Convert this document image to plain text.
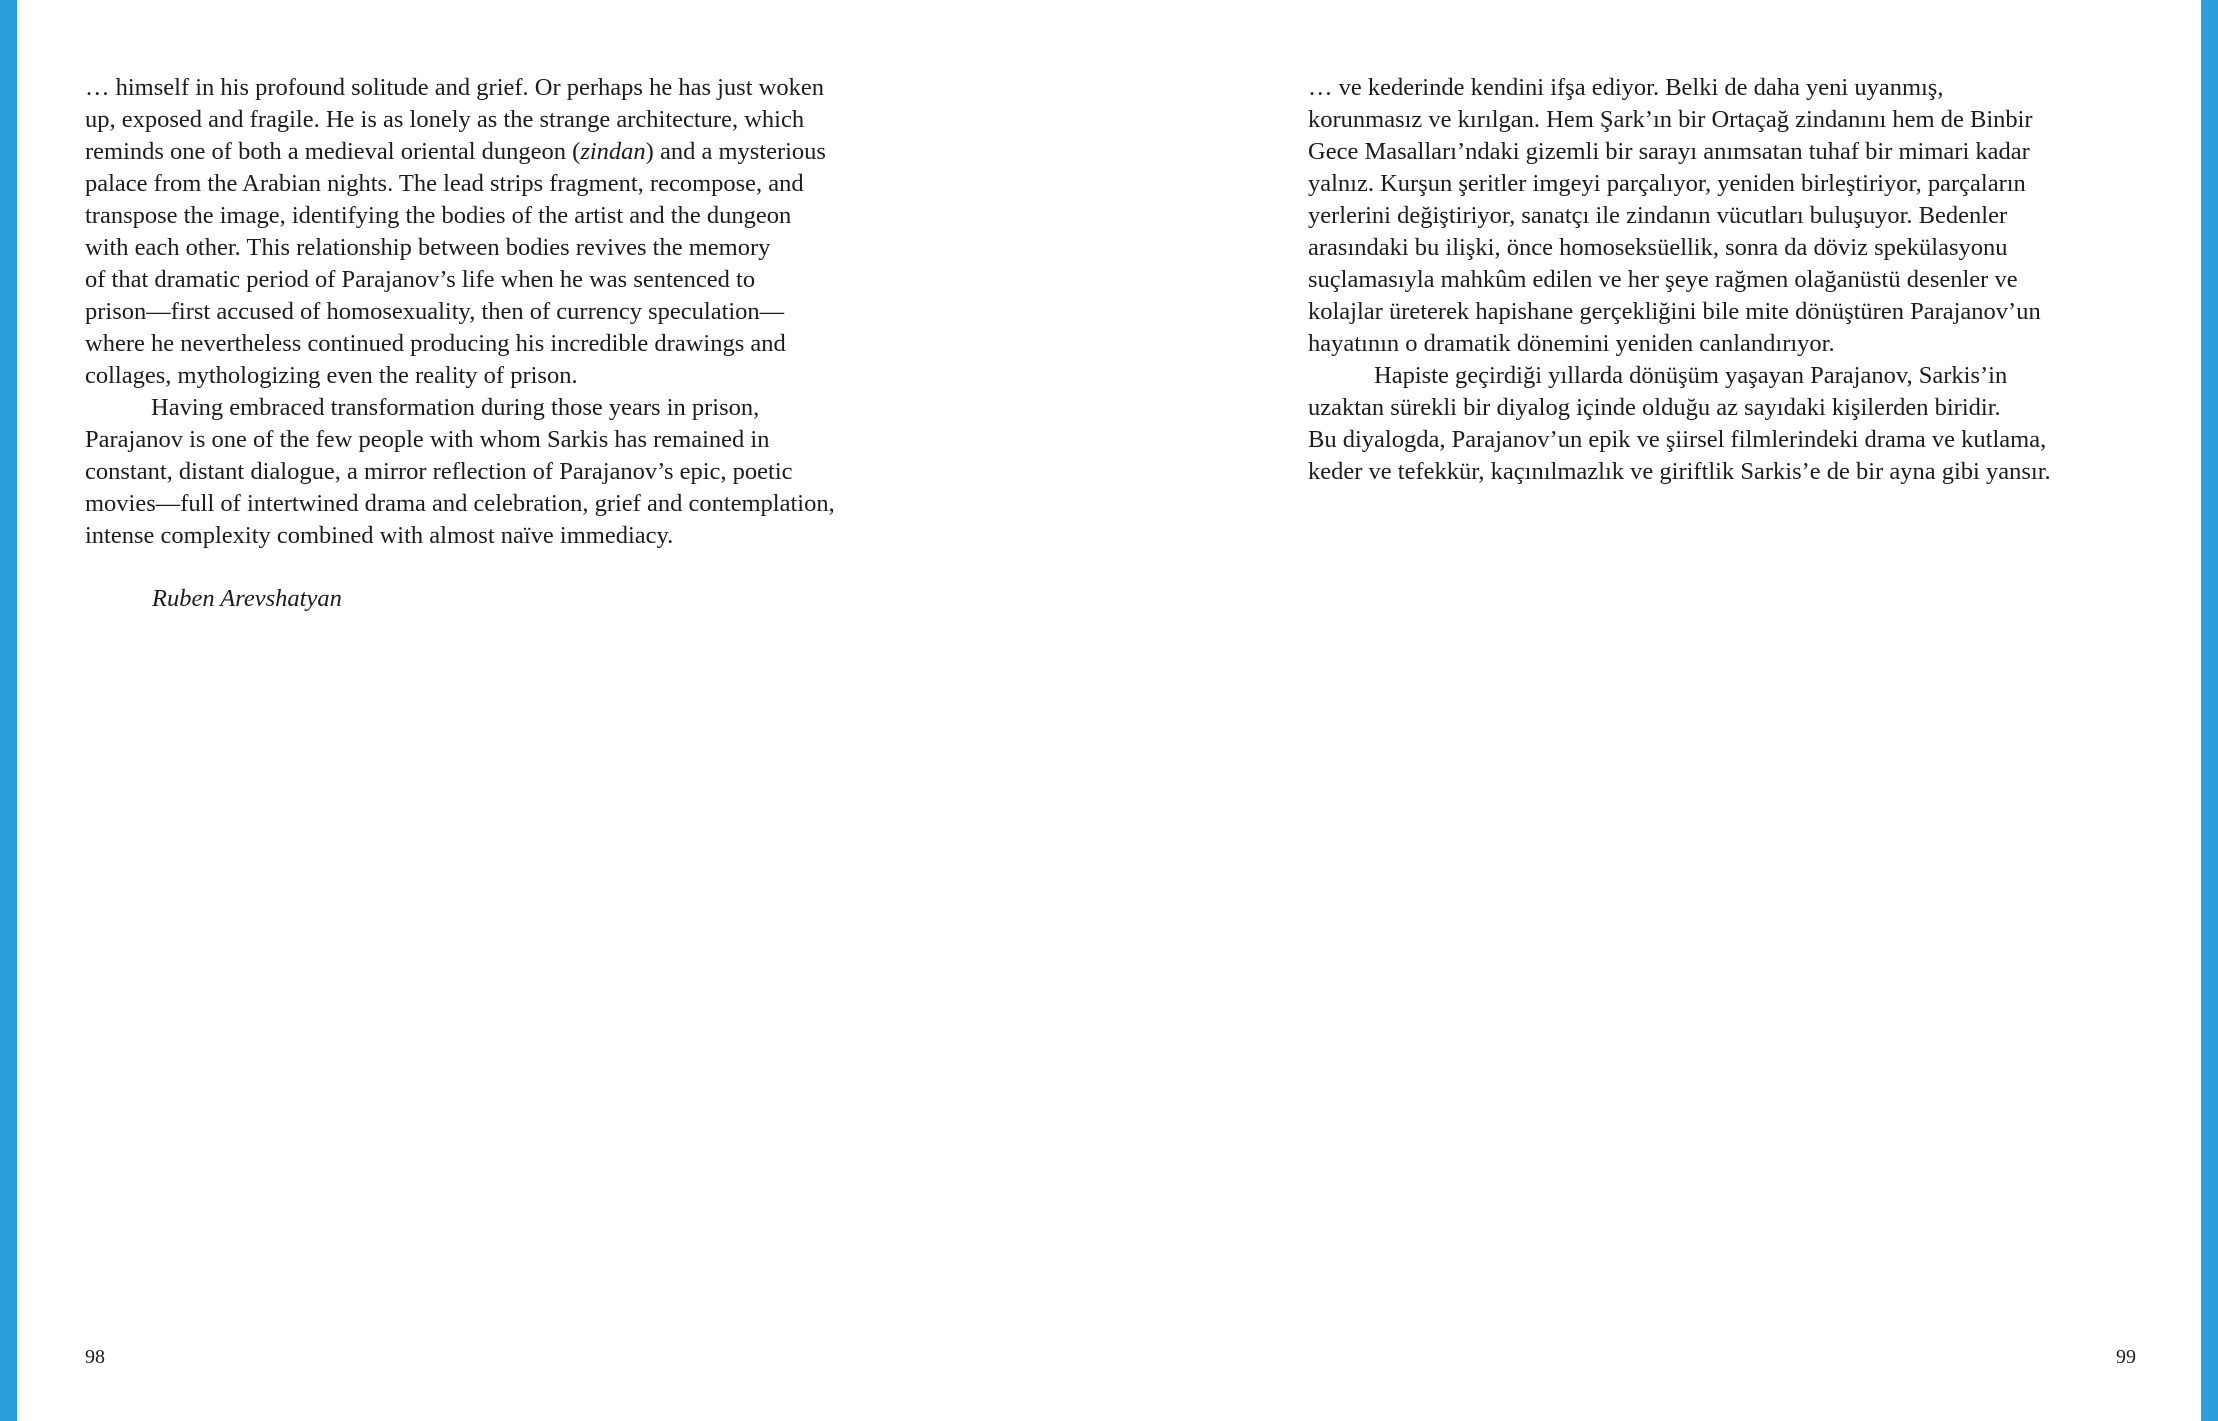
… himself in his profound solitude and grief. Or perhaps he has just woken
up, exposed and fragile. He is as lonely as the strange architecture, which
reminds one of both a medieval oriental dungeon (zindan) and a mysterious
palace from the Arabian nights. The lead strips fragment, recompose, and
transpose the image, identifying the bodies of the artist and the dungeon
with each other. This relationship between bodies revives the memory
of that dramatic period of Parajanov’s life when he was sentenced to
prison—first accused of homosexuality, then of currency speculation—
where he nevertheless continued producing his incredible drawings and
collages, mythologizing even the reality of prison.
Having embraced transformation during those years in prison,
Parajanov is one of the few people with whom Sarkis has remained in
constant, distant dialogue, a mirror reflection of Parajanov’s epic, poetic
movies—full of intertwined drama and celebration, grief and contemplation,
intense complexity combined with almost naïve immediacy.
Ruben Arevshatyan
98
… ve kederinde kendini ifşa ediyor. Belki de daha yeni uyanmış,
korunmasız ve kırılgan. Hem Şark’ın bir Ortaçağ zindanını hem de Binbir
Gece Masalları’ndaki gizemli bir sarayı anımsatan tuhaf bir mimari kadar
yalnız. Kurşun şeritler imgeyi parçalıyor, yeniden birleştiriyor, parçaların
yerlerini değiştiriyor, sanatçı ile zindanın vücutları buluşuyor. Bedenler
arasındaki bu ilişki, önce homoseksüellik, sonra da döviz spekülasyonu
suçlamasıyla mahkûm edilen ve her şeye rağmen olağanüstü desenler ve
kolajlar üreterek hapishane gerçekliğini bile mite dönüştüren Parajanov’un
hayatının o dramatik dönemini yeniden canlandırıyor.
Hapiste geçirdiği yıllarda dönüşüm yaşayan Parajanov, Sarkis’in
uzaktan sürekli bir diyalog içinde olduğu az sayıdaki kişilerden biridir.
Bu diyalogda, Parajanov’un epik ve şiirsel filmlerindeki drama ve kutlama,
keder ve tefekkür, kaçınılmazlık ve giriftlik Sarkis’e de bir ayna gibi yansır.
99
